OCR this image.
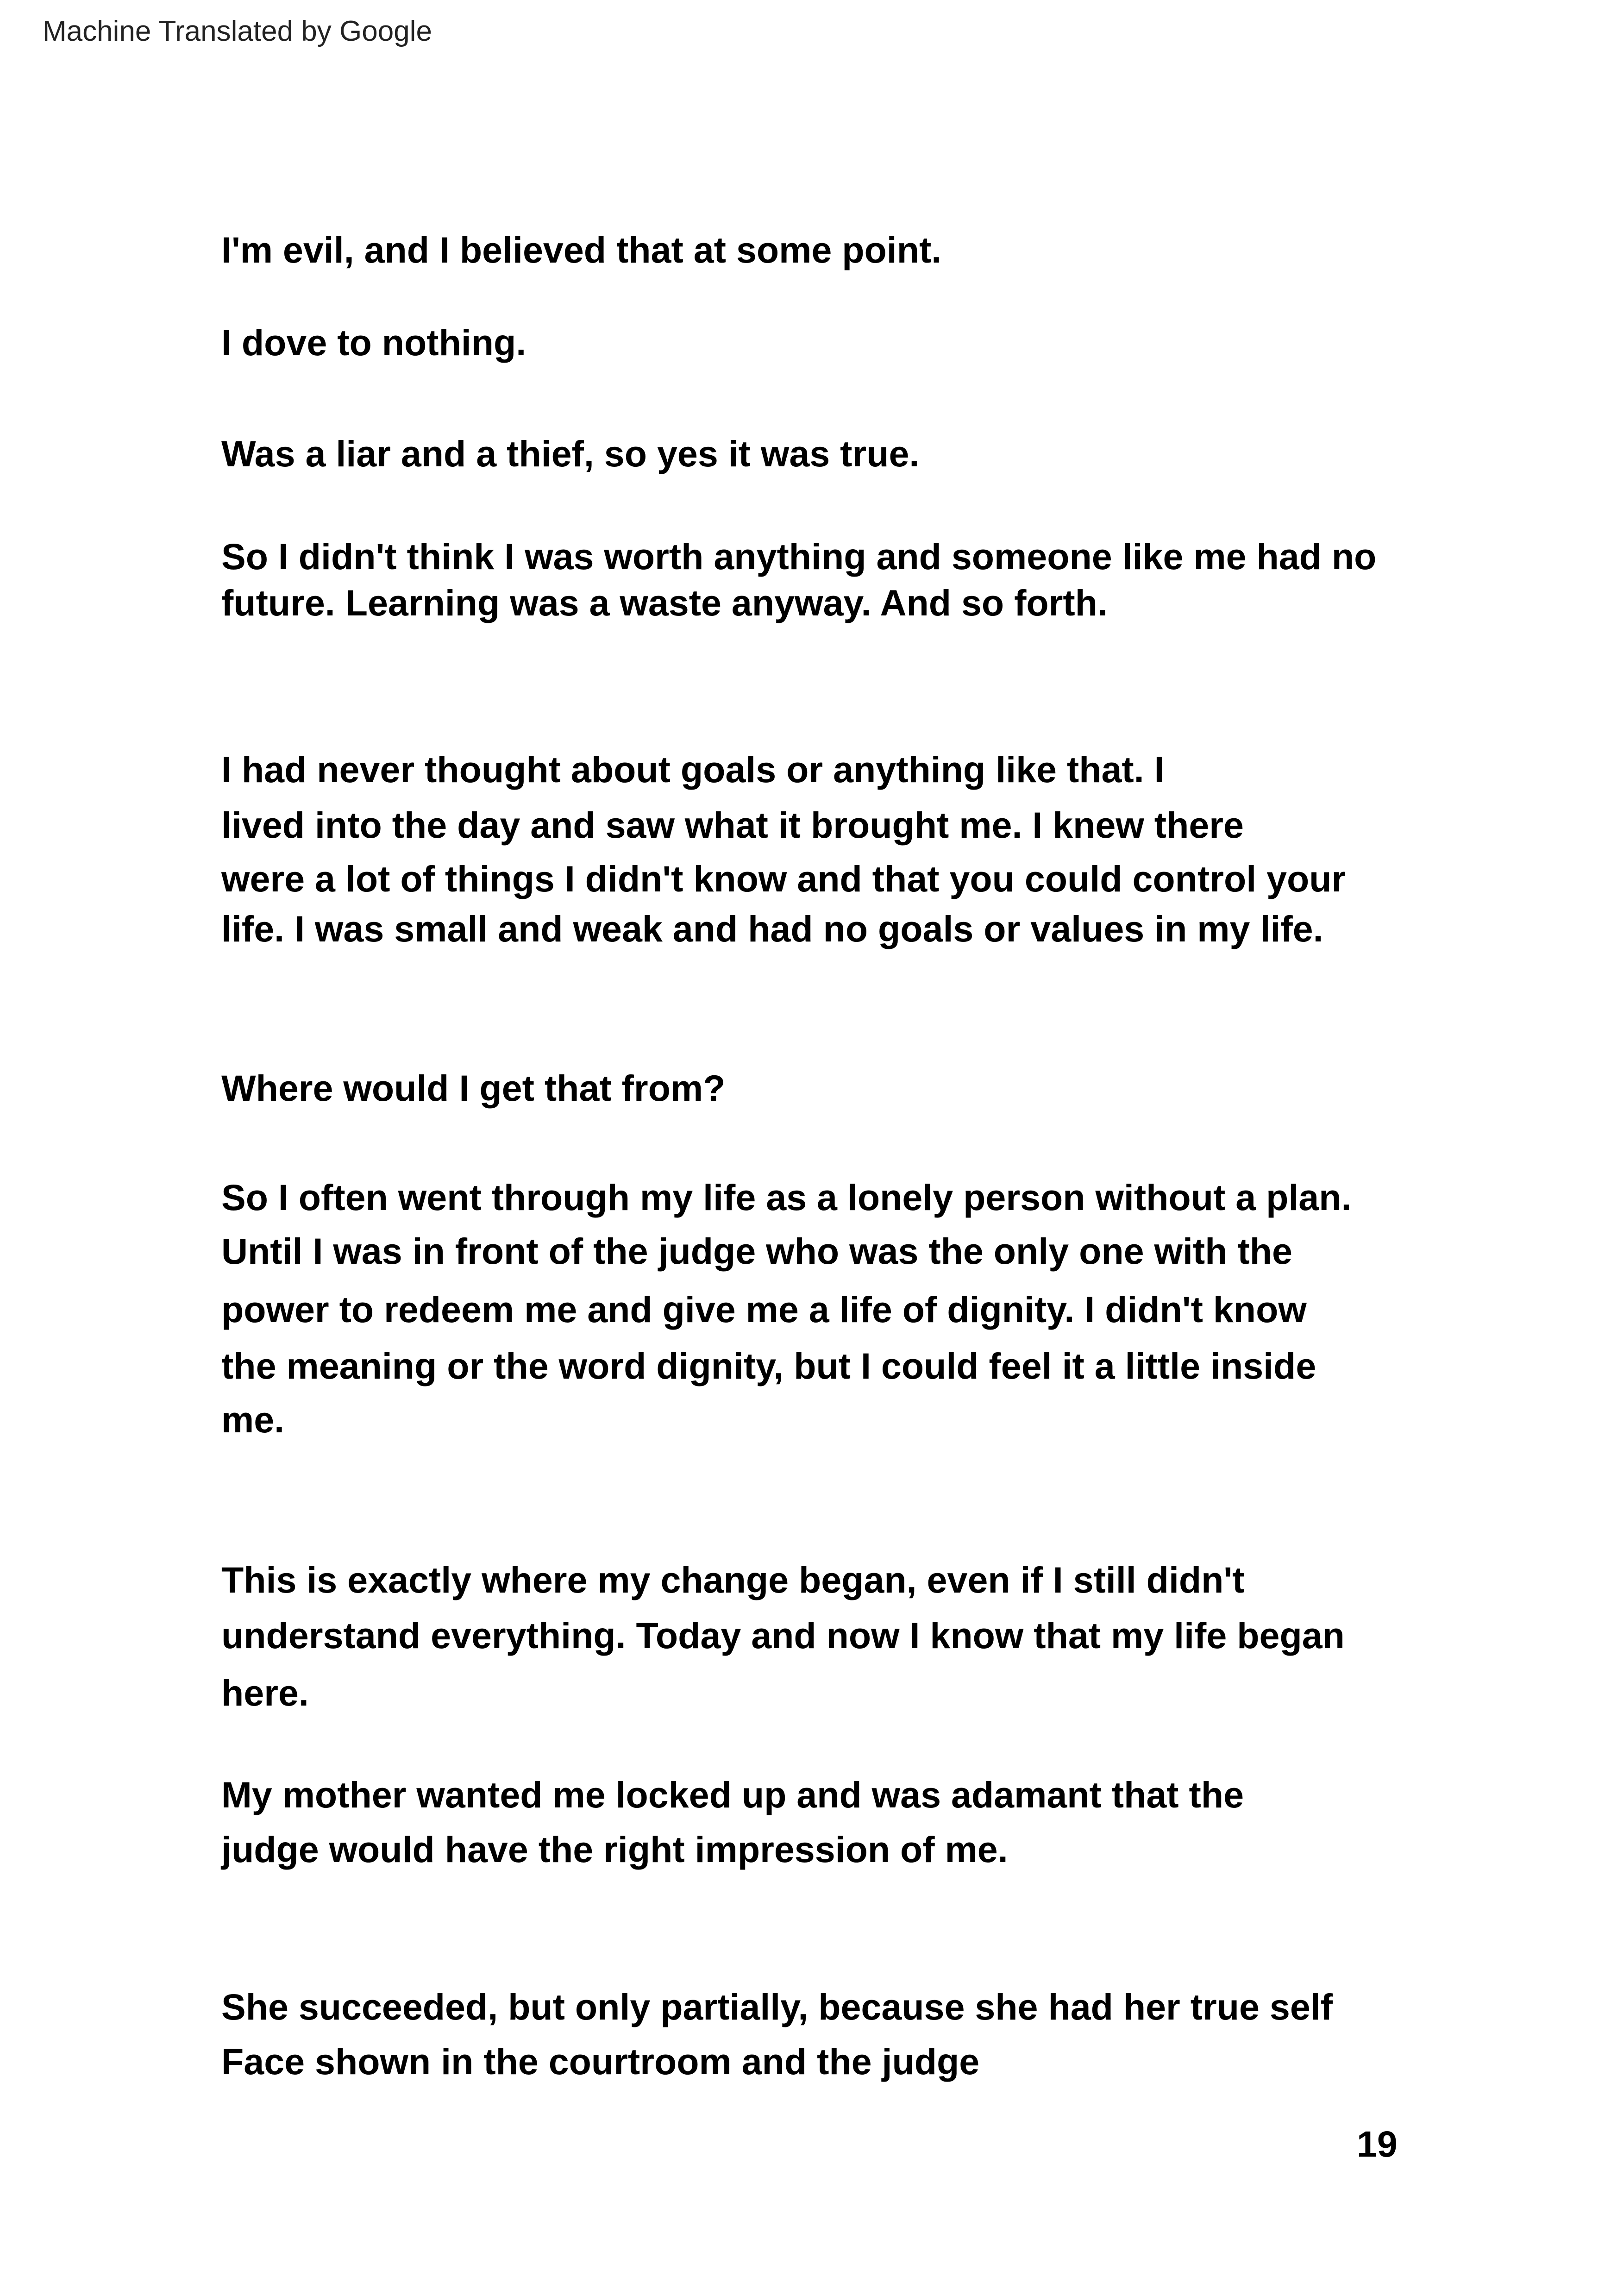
Machine Translated by Google
I'm evil, and I believed that at some point.
I dove to nothing.
Was a liar and a thief, so yes it was true.
So I didn't think I was worth anything and someone like me had no
future. Learning was a waste anyway. And so forth.
I had never thought about goals or anything like that. I
lived into the day and saw what it brought me. I knew there
were a lot of things I didn't know and that you could control your
life. I was small and weak and had no goals or values in my life.
Where would I get that from?
So I often went through my life as a lonely person without a plan.
Until I was in front of the judge who was the only one with the
power to redeem me and give me a life of dignity. I didn't know
the meaning or the word dignity, but I could feel it a little inside
me.
This is exactly where my change began, even if I still didn't
understand everything. Today and now I know that my life began
here.
My mother wanted me locked up and was adamant that the
judge would have the right impression of me.
She succeeded, but only partially, because she had her true self
Face shown in the courtroom and the judge
19
